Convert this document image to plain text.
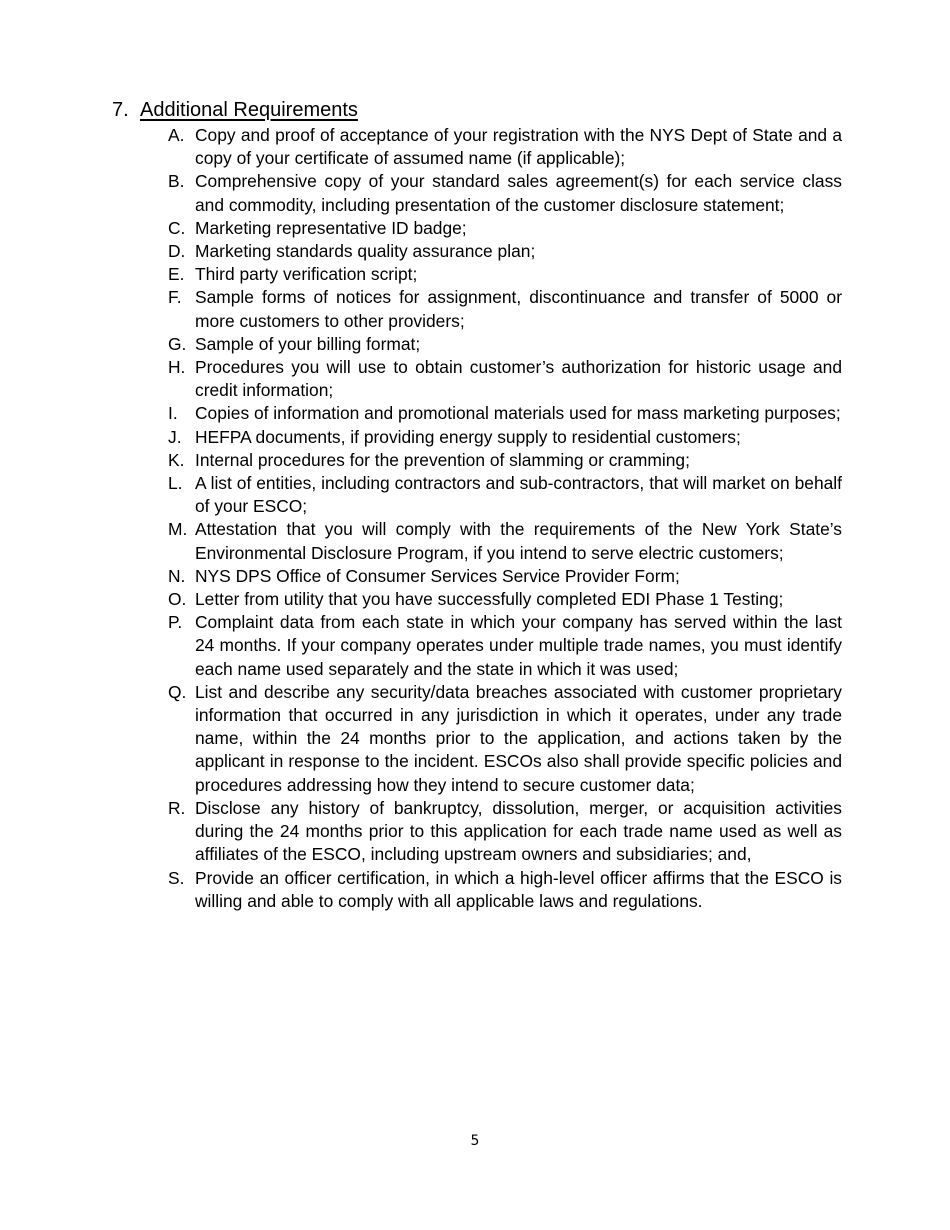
7. Additional Requirements
A. Copy and proof of acceptance of your registration with the NYS Dept of State and a copy of your certificate of assumed name (if applicable);
B. Comprehensive copy of your standard sales agreement(s) for each service class and commodity, including presentation of the customer disclosure statement;
C. Marketing representative ID badge;
D. Marketing standards quality assurance plan;
E. Third party verification script;
F. Sample forms of notices for assignment, discontinuance and transfer of 5000 or more customers to other providers;
G. Sample of your billing format;
H. Procedures you will use to obtain customer’s authorization for historic usage and credit information;
I. Copies of information and promotional materials used for mass marketing purposes;
J. HEFPA documents, if providing energy supply to residential customers;
K. Internal procedures for the prevention of slamming or cramming;
L. A list of entities, including contractors and sub-contractors, that will market on behalf of your ESCO;
M. Attestation that you will comply with the requirements of the New York State’s Environmental Disclosure Program, if you intend to serve electric customers;
N. NYS DPS Office of Consumer Services Service Provider Form;
O. Letter from utility that you have successfully completed EDI Phase 1 Testing;
P. Complaint data from each state in which your company has served within the last 24 months. If your company operates under multiple trade names, you must identify each name used separately and the state in which it was used;
Q. List and describe any security/data breaches associated with customer proprietary information that occurred in any jurisdiction in which it operates, under any trade name, within the 24 months prior to the application, and actions taken by the applicant in response to the incident. ESCOs also shall provide specific policies and procedures addressing how they intend to secure customer data;
R. Disclose any history of bankruptcy, dissolution, merger, or acquisition activities during the 24 months prior to this application for each trade name used as well as affiliates of the ESCO, including upstream owners and subsidiaries; and,
S. Provide an officer certification, in which a high-level officer affirms that the ESCO is willing and able to comply with all applicable laws and regulations.
5
